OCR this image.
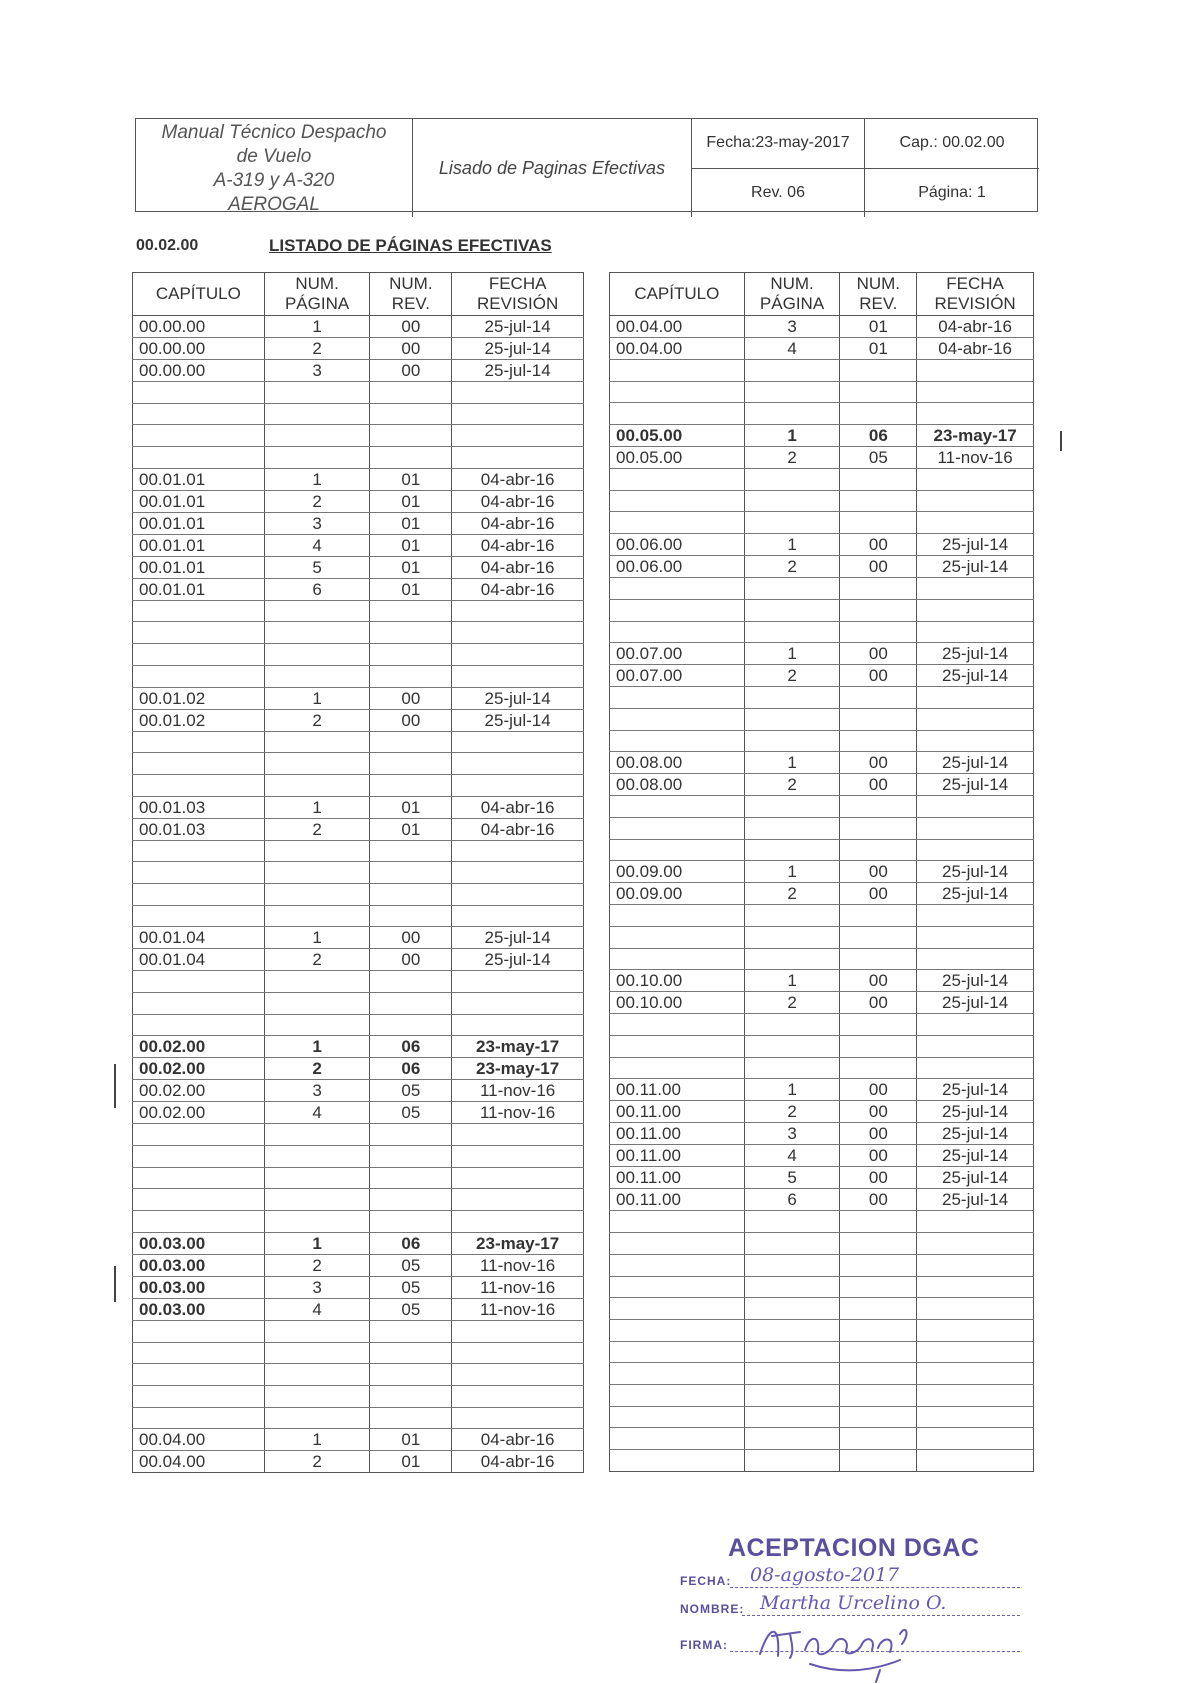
Manual Técnico Despacho
de Vuelo
A-319 y A-320
AEROGAL
Lisado de Paginas Efectivas
Fecha:23-may-2017
Rev. 06
Cap.: 00.02.00
Página: 1
00.02.00	LISTADO DE PÁGINAS EFECTIVAS
CAPÍTULO	NUM. PÁGINA	NUM. REV.	FECHA REVISIÓN
00.00.00	1	00	25-jul-14
00.00.00	2	00	25-jul-14
00.00.00	3	00	25-jul-14

00.01.01	1	01	04-abr-16
00.01.01	2	01	04-abr-16
00.01.01	3	01	04-abr-16
00.01.01	4	01	04-abr-16
00.01.01	5	01	04-abr-16
00.01.01	6	01	04-abr-16

00.01.02	1	00	25-jul-14
00.01.02	2	00	25-jul-14

00.01.03	1	01	04-abr-16
00.01.03	2	01	04-abr-16

00.01.04	1	00	25-jul-14
00.01.04	2	00	25-jul-14

00.02.00	1	06	23-may-17
00.02.00	2	06	23-may-17
00.02.00	3	05	11-nov-16
00.02.00	4	05	11-nov-16

00.03.00	1	06	23-may-17
00.03.00	2	05	11-nov-16
00.03.00	3	05	11-nov-16
00.03.00	4	05	11-nov-16

00.04.00	1	01	04-abr-16
00.04.00	2	01	04-abr-16
CAPÍTULO	NUM. PÁGINA	NUM. REV.	FECHA REVISIÓN
00.04.00	3	01	04-abr-16
00.04.00	4	01	04-abr-16

00.05.00	1	06	23-may-17
00.05.00	2	05	11-nov-16

00.06.00	1	00	25-jul-14
00.06.00	2	00	25-jul-14

00.07.00	1	00	25-jul-14
00.07.00	2	00	25-jul-14

00.08.00	1	00	25-jul-14
00.08.00	2	00	25-jul-14

00.09.00	1	00	25-jul-14
00.09.00	2	00	25-jul-14

00.10.00	1	00	25-jul-14
00.10.00	2	00	25-jul-14

00.11.00	1	00	25-jul-14
00.11.00	2	00	25-jul-14
00.11.00	3	00	25-jul-14
00.11.00	4	00	25-jul-14
00.11.00	5	00	25-jul-14
00.11.00	6	00	25-jul-14

ACEPTACION DGAC
FECHA: 08-agosto-2017
NOMBRE: Martha Urcelino O.
FIRMA:
